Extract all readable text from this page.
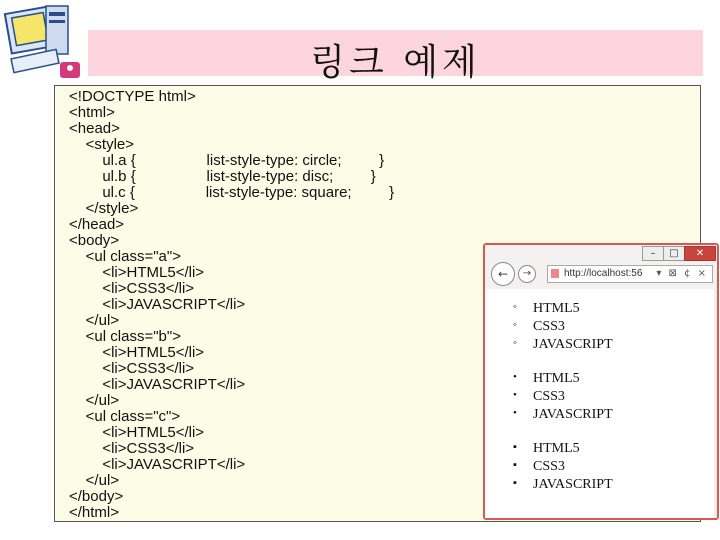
링크 예제
<!DOCTYPE html>
<html>
<head>
<style>
ul.a {                 list-style-type: circle;         }
ul.b {                 list-style-type: disc;         }
ul.c {                 list-style-type: square;         }
</style>
</head>
<body>
<ul class="a">
<li>HTML5</li>
<li>CSS3</li>
<li>JAVASCRIPT</li>
</ul>
<ul class="b">
<li>HTML5</li>
<li>CSS3</li>
<li>JAVASCRIPT</li>
</ul>
<ul class="c">
<li>HTML5</li>
<li>CSS3</li>
<li>JAVASCRIPT</li>
</ul>
</body>
</html>
–	□	✕
←	→	http://localhost:56 ▾ ⊠ ¢ ×
◦	HTML5
◦	CSS3
◦	JAVASCRIPT
•	HTML5
•	CSS3
•	JAVASCRIPT
▪	HTML5
▪	CSS3
▪	JAVASCRIPT
